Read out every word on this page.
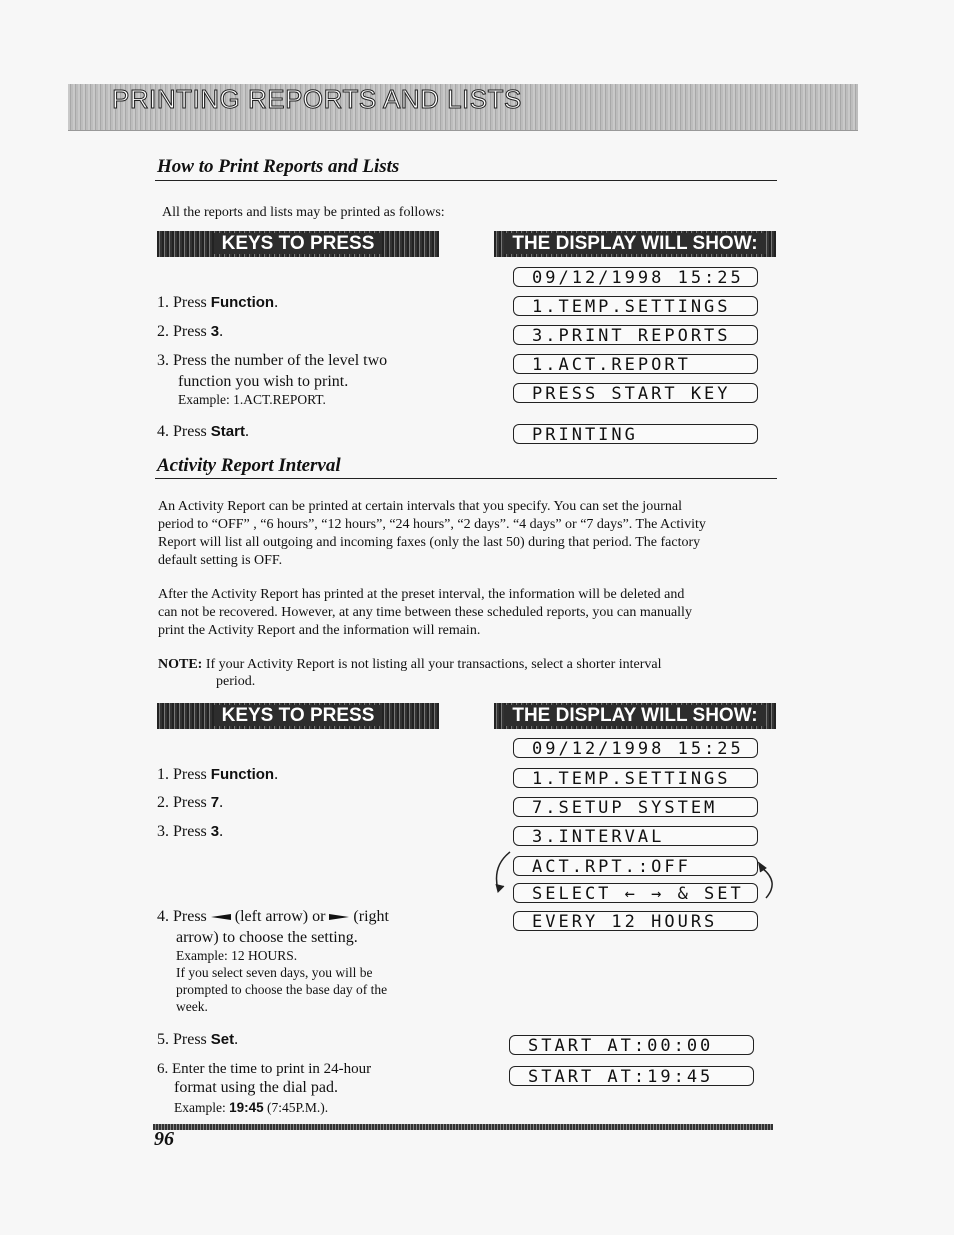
PRINTING REPORTS AND LISTS
How to Print Reports and Lists
All the reports and lists may be printed as follows:
KEYS TO PRESS	THE DISPLAY WILL SHOW:
1. Press Function.
2. Press 3.
3. Press the number of the level two
function you wish to print.
Example: 1.ACT.REPORT.
4. Press Start.
09/12/1998 15:25
1.TEMP.SETTINGS
3.PRINT REPORTS
1.ACT.REPORT
PRESS START KEY
PRINTING
Activity Report Interval
An Activity Report can be printed at certain intervals that you specify. You can set the journal
period to “OFF” , “6 hours”, “12 hours”, “24 hours”, “2 days”. “4 days” or “7 days”. The Activity
Report will list all outgoing and incoming faxes (only the last 50) during that period. The factory
default setting is OFF.
After the Activity Report has printed at the preset interval, the information will be deleted and
can not be recovered. However, at any time between these scheduled reports, you can manually
print the Activity Report and the information will remain.
NOTE: If your Activity Report is not listing all your transactions, select a shorter interval
period.
KEYS TO PRESS	THE DISPLAY WILL SHOW:
1. Press Function.
2. Press 7.
3. Press 3.
4. Press (left arrow) or (right
arrow) to choose the setting.
Example: 12 HOURS.
If you select seven days, you will be
prompted to choose the base day of the
week.
5. Press Set.
6. Enter the time to print in 24-hour
format using the dial pad.
Example: 19:45 (7:45P.M.).
09/12/1998 15:25
1.TEMP.SETTINGS
7.SETUP SYSTEM
3.INTERVAL
ACT.RPT.:OFF
SELECT ← → & SET
EVERY 12 HOURS
START AT:00:00
START AT:19:45
96
